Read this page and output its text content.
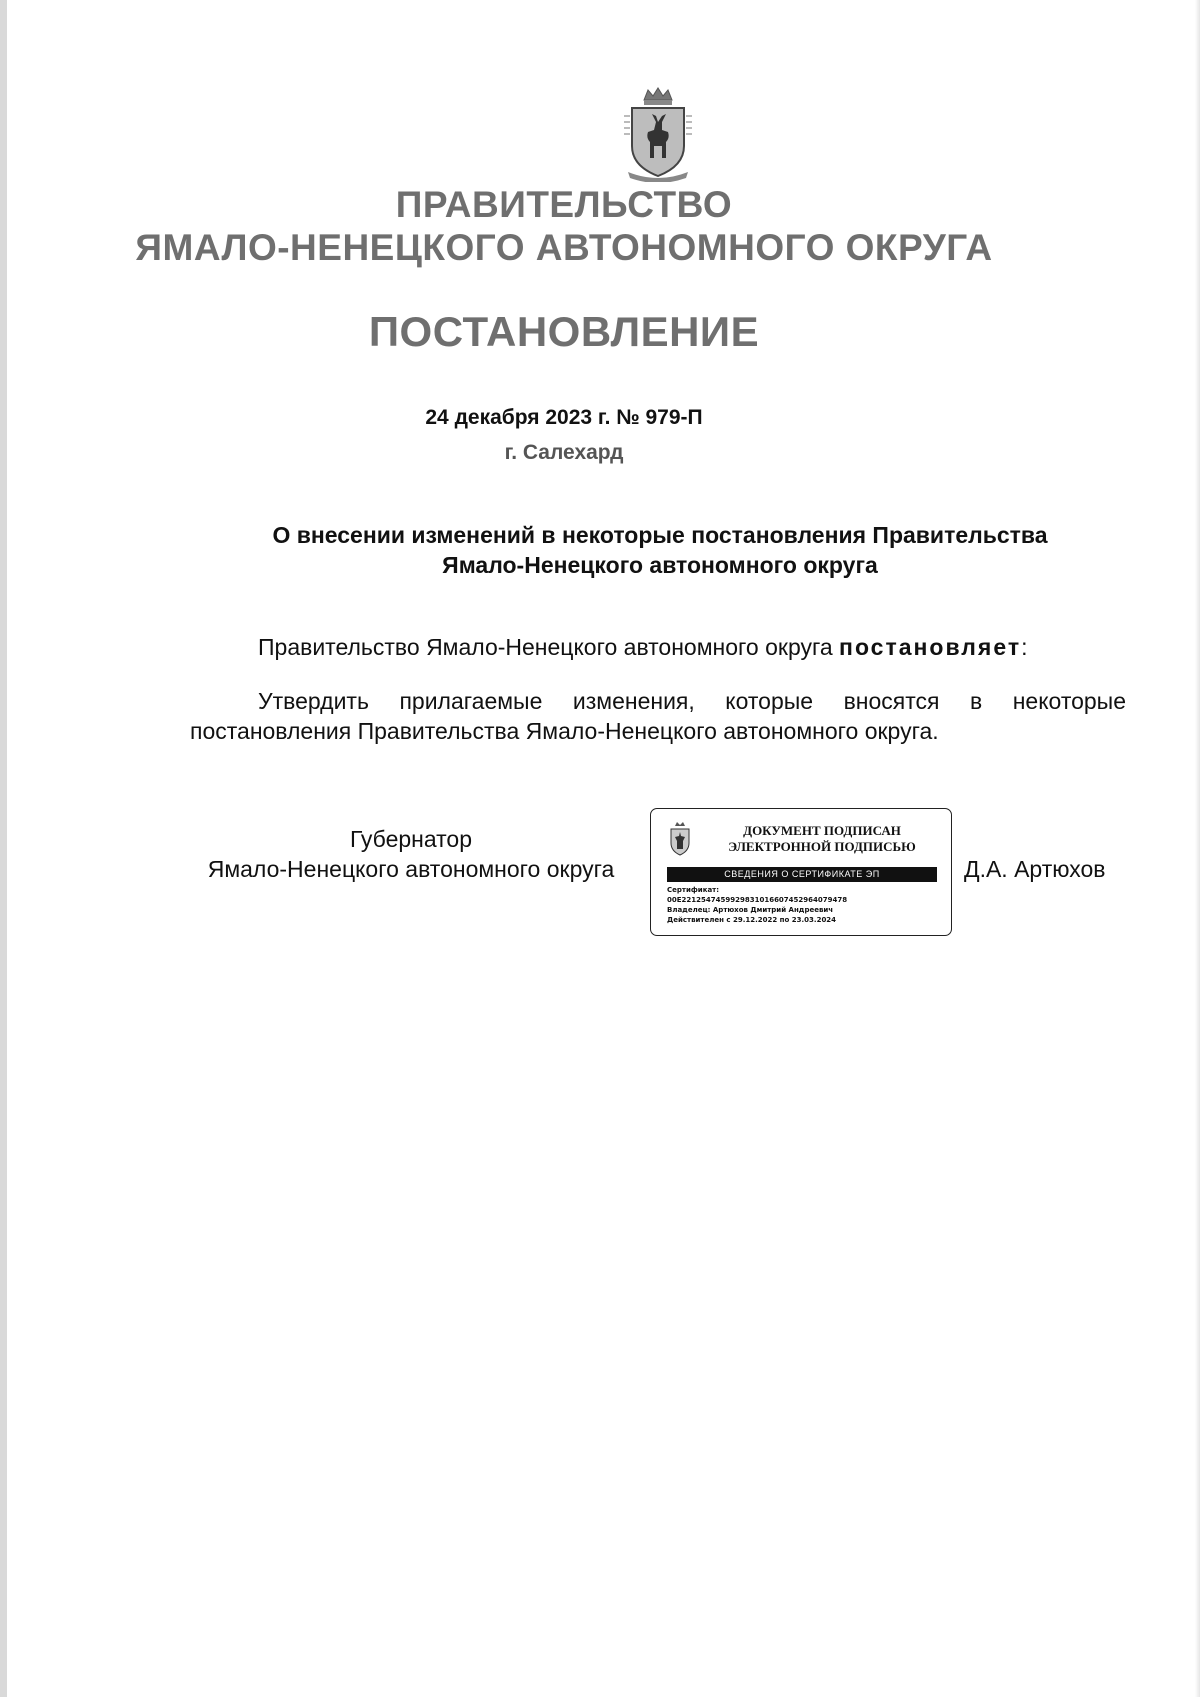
ПРАВИТЕЛЬСТВО
ЯМАЛО-НЕНЕЦКОГО АВТОНОМНОГО ОКРУГА
ПОСТАНОВЛЕНИЕ
24 декабря 2023 г. № 979-П
г. Салехард
О внесении изменений в некоторые постановления Правительства
Ямало-Ненецкого автономного округа
Правительство Ямало-Ненецкого автономного округа постановляет:
Утвердить прилагаемые изменения, которые вносятся в некоторые постановления Правительства Ямало-Ненецкого автономного округа.
Губернатор
Ямало-Ненецкого автономного округа
ДОКУМЕНТ ПОДПИСАН
ЭЛЕКТРОННОЙ ПОДПИСЬЮ
СВЕДЕНИЯ О СЕРТИФИКАТЕ ЭП
Сертификат:
00E2212547459929831016607452964079478
Владелец: Артюхов Дмитрий Андреевич
Действителен с 29.12.2022 по 23.03.2024
Д.А. Артюхов
